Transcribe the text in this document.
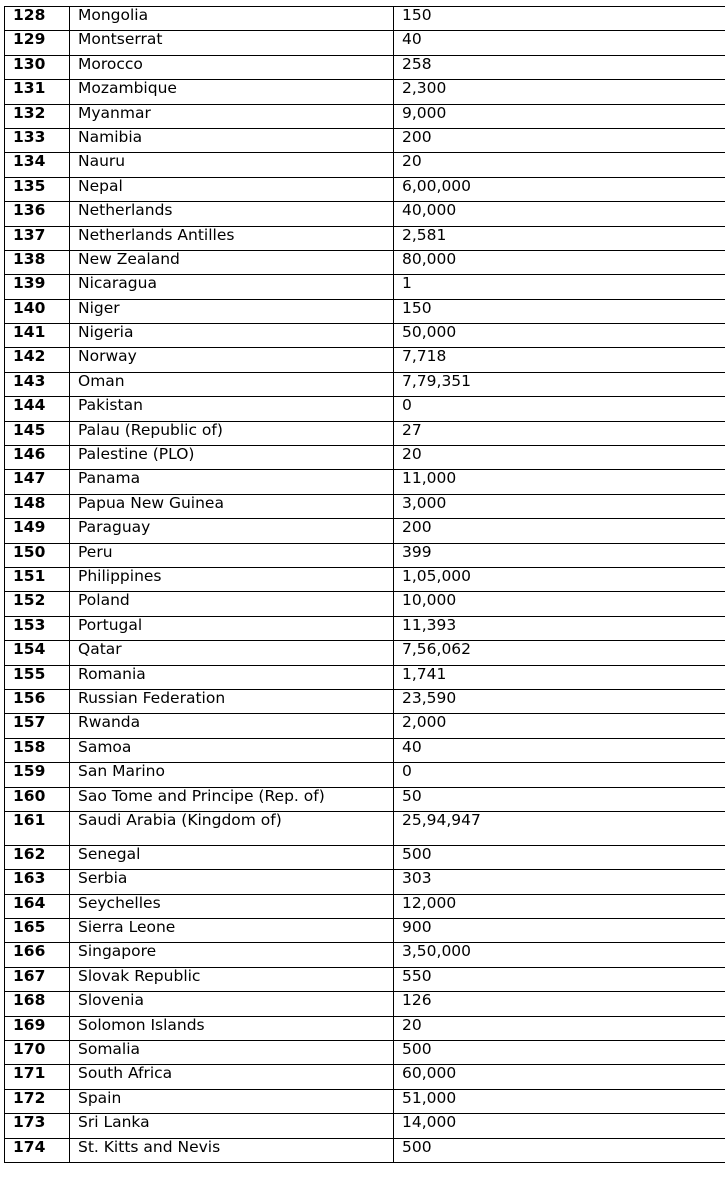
128	Mongolia	150
129	Montserrat	40
130	Morocco	258
131	Mozambique	2,300
132	Myanmar	9,000
133	Namibia	200
134	Nauru	20
135	Nepal	6,00,000
136	Netherlands	40,000
137	Netherlands Antilles	2,581
138	New Zealand	80,000
139	Nicaragua	1
140	Niger	150
141	Nigeria	50,000
142	Norway	7,718
143	Oman	7,79,351
144	Pakistan	0
145	Palau (Republic of)	27
146	Palestine (PLO)	20
147	Panama	11,000
148	Papua New Guinea	3,000
149	Paraguay	200
150	Peru	399
151	Philippines	1,05,000
152	Poland	10,000
153	Portugal	11,393
154	Qatar	7,56,062
155	Romania	1,741
156	Russian Federation	23,590
157	Rwanda	2,000
158	Samoa	40
159	San Marino	0
160	Sao Tome and Principe (Rep. of)	50
161	Saudi Arabia (Kingdom of)	25,94,947
162	Senegal	500
163	Serbia	303
164	Seychelles	12,000
165	Sierra Leone	900
166	Singapore	3,50,000
167	Slovak Republic	550
168	Slovenia	126
169	Solomon Islands	20
170	Somalia	500
171	South Africa	60,000
172	Spain	51,000
173	Sri Lanka	14,000
174	St. Kitts and Nevis	500
